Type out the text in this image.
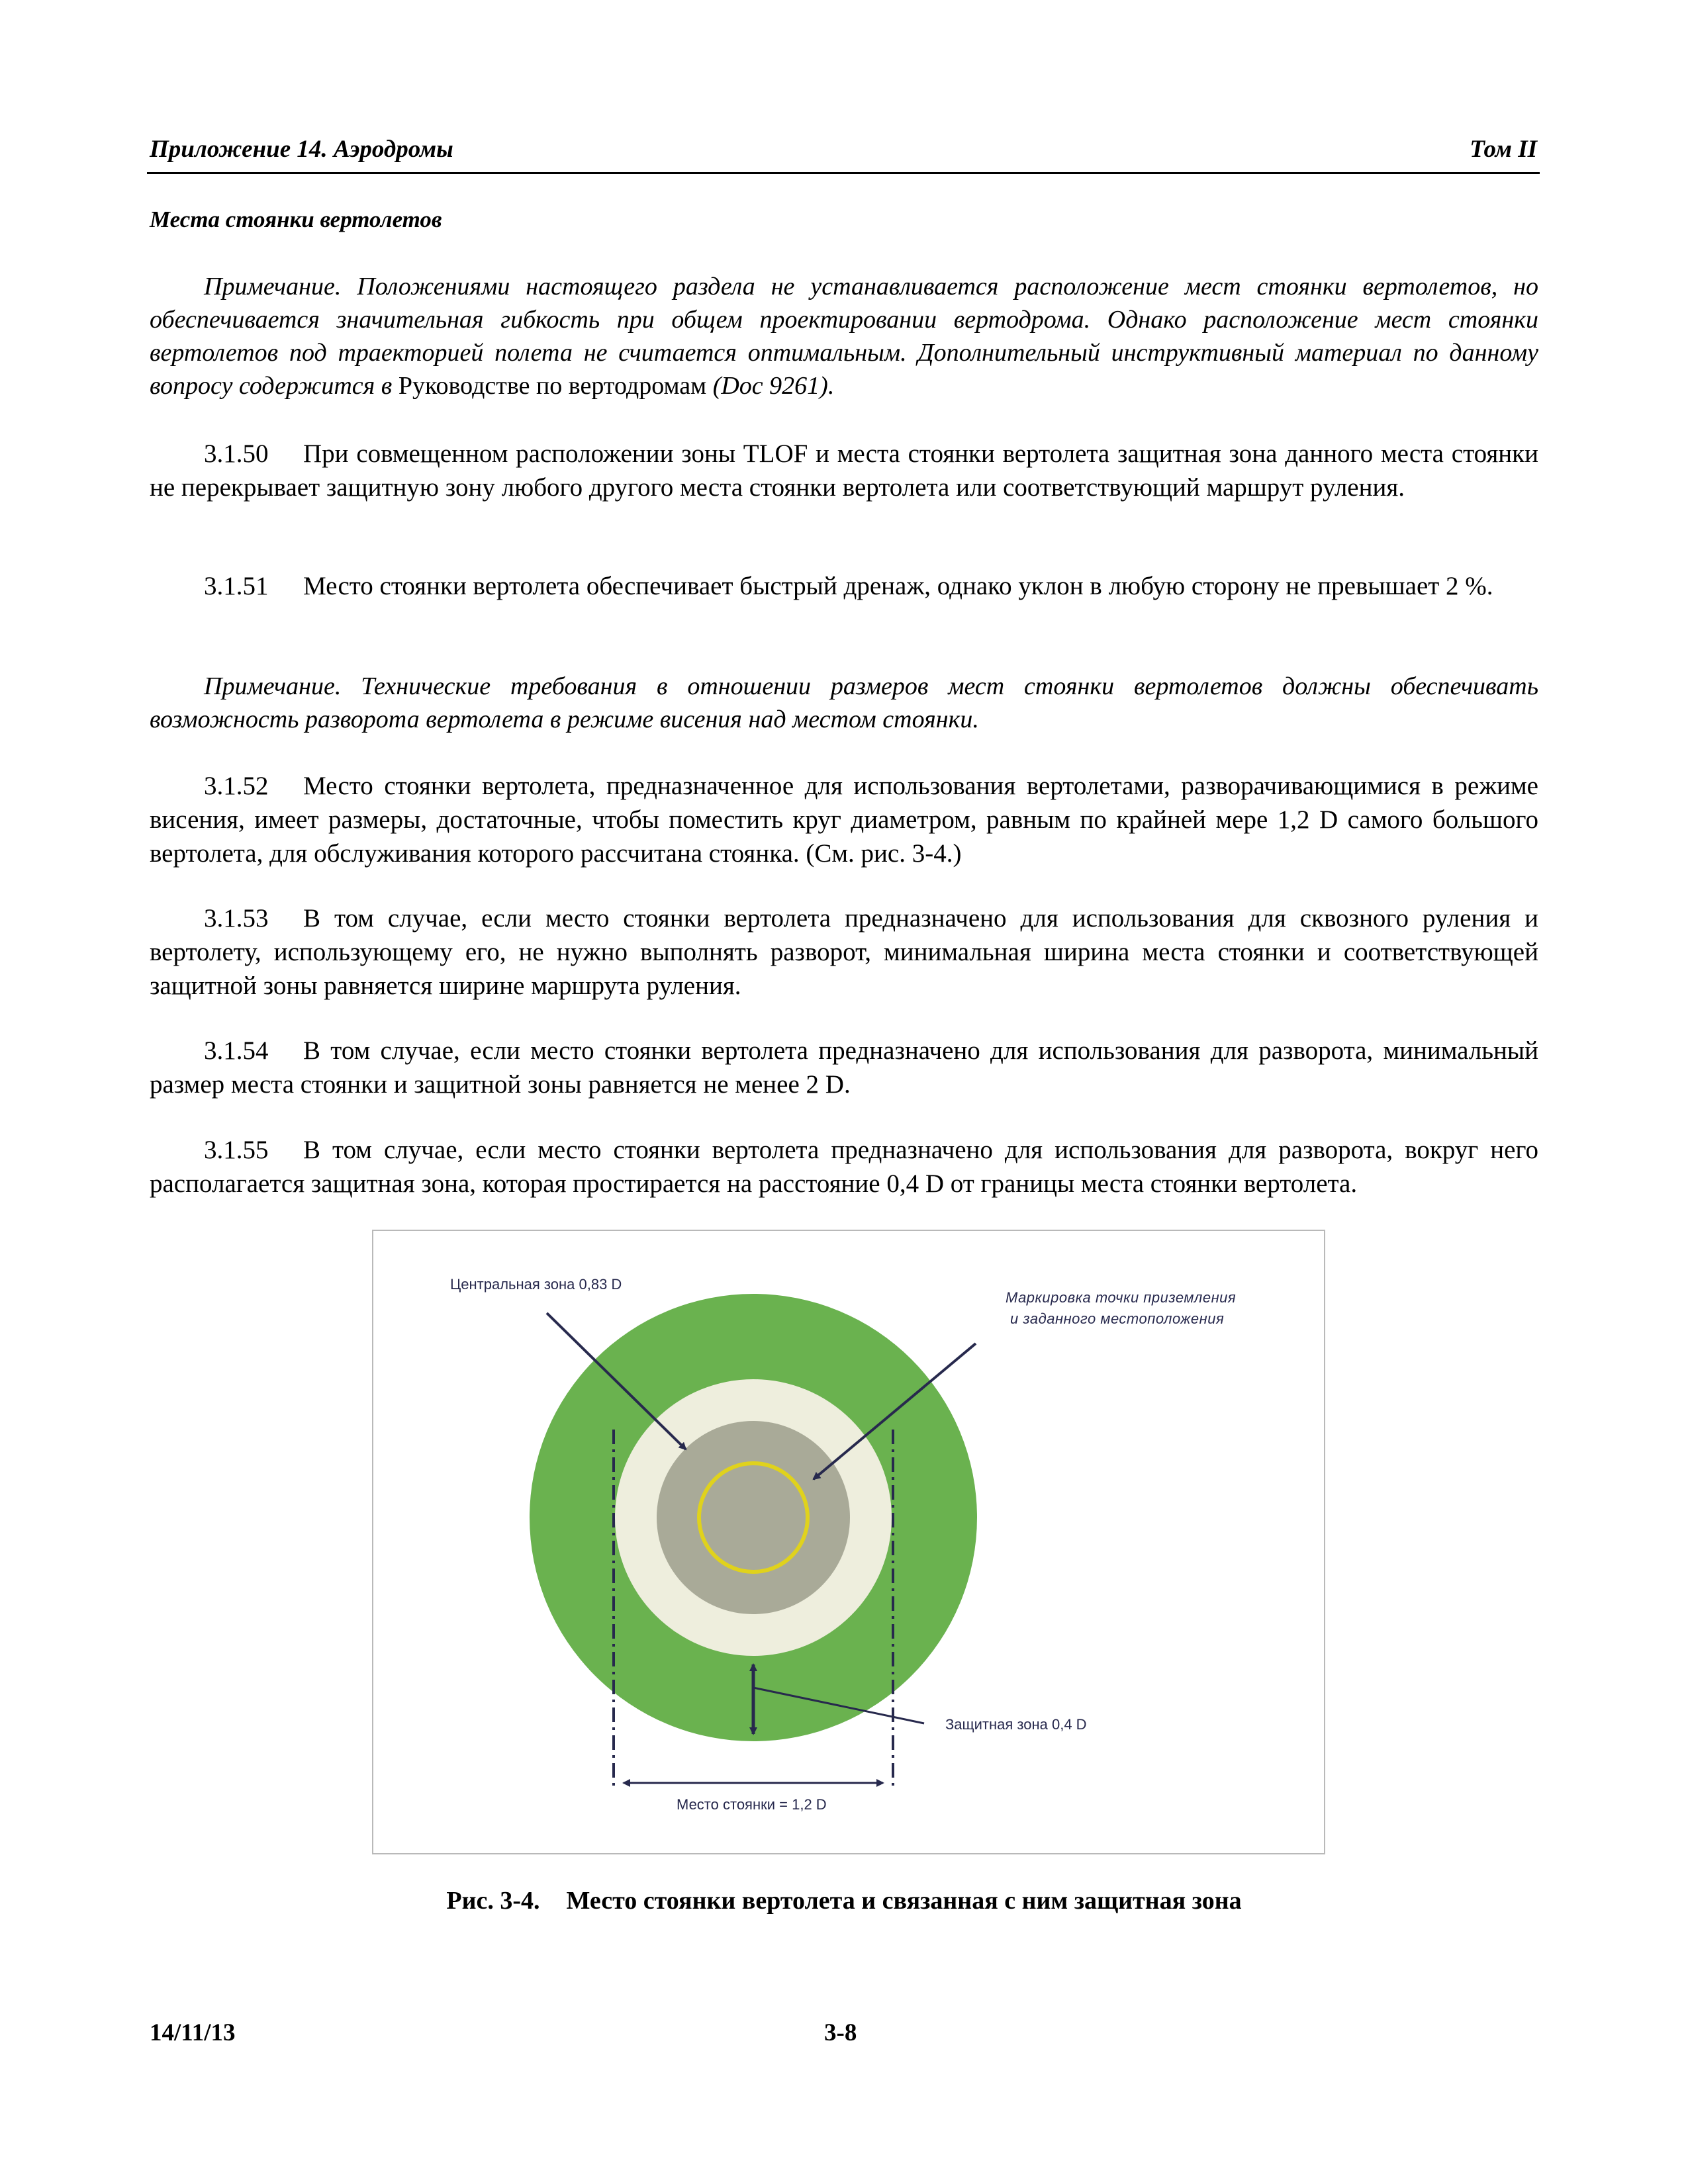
Приложение 14. Аэродромы	Том II
Места стоянки вертолетов
Примечание. Положениями настоящего раздела не устанавливается расположение мест стоянки вертолетов, но обеспечивается значительная гибкость при общем проектировании вертодрома. Однако расположение мест стоянки вертолетов под траекторией полета не считается оптимальным. Дополнительный инструктивный материал по данному вопросу содержится в Руководстве по вертодромам (Doc 9261).
3.1.50 При совмещенном расположении зоны TLOF и места стоянки вертолета защитная зона данного места стоянки не перекрывает защитную зону любого другого места стоянки вертолета или соответствующий маршрут руления.
3.1.51 Место стоянки вертолета обеспечивает быстрый дренаж, однако уклон в любую сторону не превышает 2 %.
Примечание. Технические требования в отношении размеров мест стоянки вертолетов должны обеспечивать возможность разворота вертолета в режиме висения над местом стоянки.
3.1.52 Место стоянки вертолета, предназначенное для использования вертолетами, разворачивающимися в режиме висения, имеет размеры, достаточные, чтобы поместить круг диаметром, равным по крайней мере 1,2 D самого большого вертолета, для обслуживания которого рассчитана стоянка. (См. рис. 3-4.)
3.1.53 В том случае, если место стоянки вертолета предназначено для использования для сквозного руления и вертолету, использующему его, не нужно выполнять разворот, минимальная ширина места стоянки и соответствующей защитной зоны равняется ширине маршрута руления.
3.1.54 В том случае, если место стоянки вертолета предназначено для использования для разворота, минимальный размер места стоянки и защитной зоны равняется не менее 2 D.
3.1.55 В том случае, если место стоянки вертолета предназначено для использования для разворота, вокруг него располагается защитная зона, которая простирается на расстояние 0,4 D от границы места стоянки вертолета.
Центральная зона 0,83 D
Маркировка точки приземления
и заданного местоположения
Защитная зона 0,4 D
Место стоянки = 1,2 D
Рис. 3-4. Место стоянки вертолета и связанная с ним защитная зона
14/11/13	3-8
